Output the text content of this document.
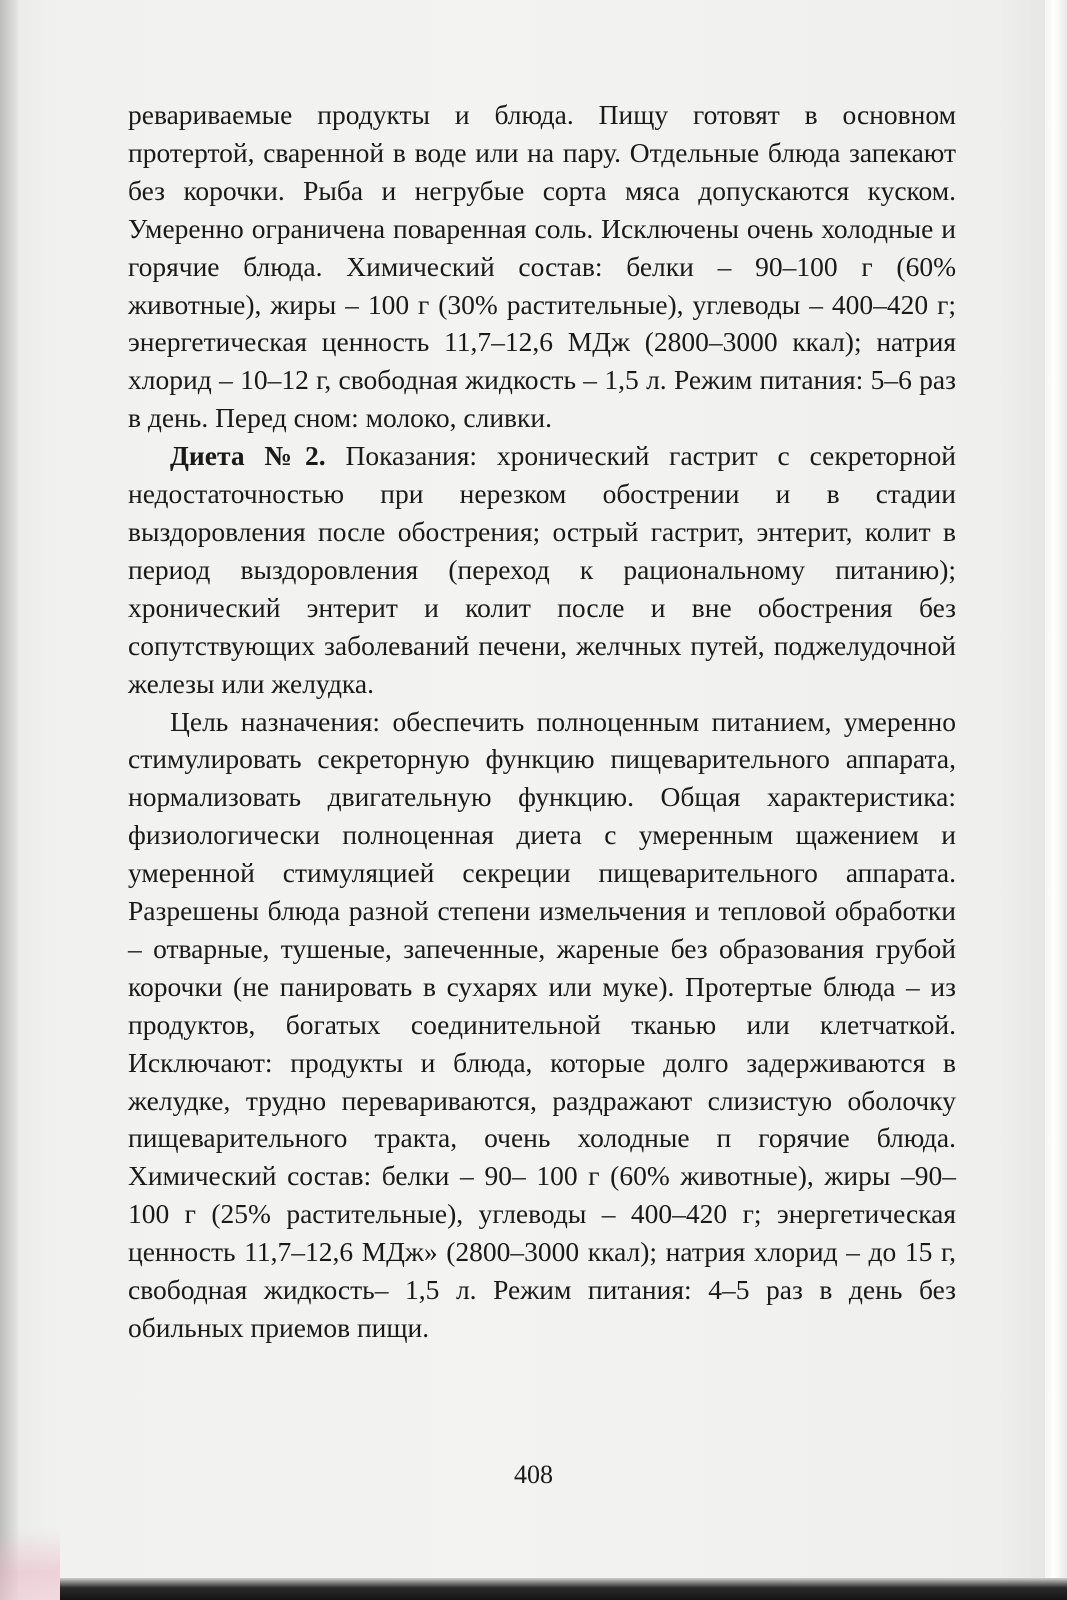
ревариваемые продукты и блюда. Пищу готовят в основном протертой, сваренной в воде или на пару. Отдельные блюда запекают без корочки. Рыба и негрубые сорта мяса допускаются куском. Умеренно ограничена поваренная соль. Исключены очень холодные и горячие блюда. Химический состав: белки – 90–100 г (60% животные), жиры – 100 г (30% растительные), углеводы – 400–420 г; энергетическая ценность 11,7–12,6 МДж (2800–3000 ккал); натрия хлорид – 10–12 г, свободная жидкость – 1,5 л. Режим питания: 5–6 раз в день. Перед сном: молоко, сливки.

Диета №2. Показания: хронический гастрит с секреторной недостаточностью при нерезком обострении и в стадии выздоровления после обострения; острый гастрит, энтерит, колит в период выздоровления (переход к рациональному питанию); хронический энтерит и колит после и вне обострения без сопутствующих заболеваний печени, желчных путей, поджелудочной железы или желудка.

Цель назначения: обеспечить полноценным питанием, умеренно стимулировать секреторную функцию пищеварительного аппарата, нормализовать двигательную функцию. Общая характеристика: физиологически полноценная диета с умеренным щажением и умеренной стимуляцией секреции пищеварительного аппарата. Разрешены блюда разной степени измельчения и тепловой обработки – отварные, тушеные, запеченные, жареные без образования грубой корочки (не панировать в сухарях или муке). Протертые блюда – из продуктов, богатых соединительной тканью или клетчаткой. Исключают: продукты и блюда, которые долго задерживаются в желудке, трудно перевариваются, раздражают слизистую оболочку пищеварительного тракта, очень холодные п горячие блюда. Химический состав: белки – 90– 100 г (60% животные), жиры –90–100 г (25% растительные), углеводы – 400–420 г; энергетическая ценность 11,7–12,6 МДж» (2800–3000 ккал); натрия хлорид – до 15 г, свободная жидкость– 1,5 л. Режим питания: 4–5 раз в день без обильных приемов пищи.

408
